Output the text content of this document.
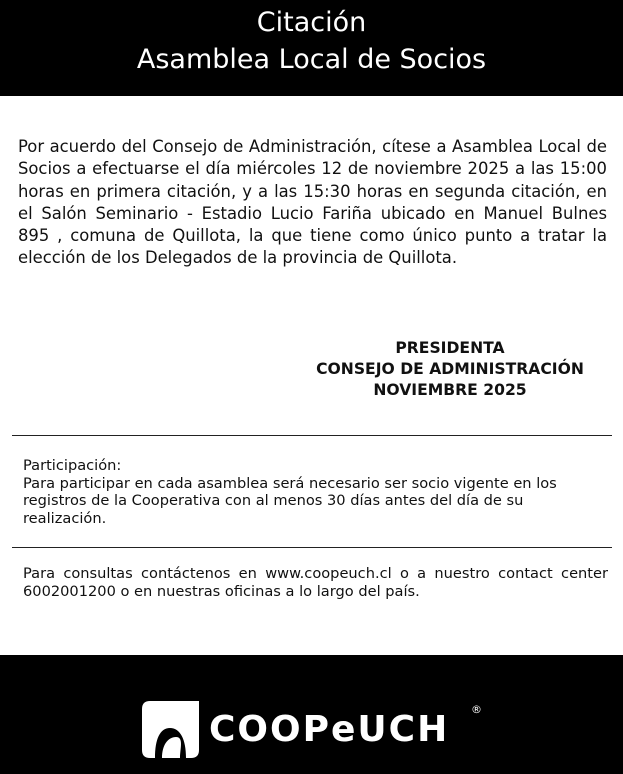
Citación
Asamblea Local de Socios
Por acuerdo del Consejo de Administración, cítese a Asamblea Local de Socios a efectuarse el día miércoles 12 de noviembre 2025 a las 15:00 horas en primera citación, y a las 15:30 horas en segunda citación, en el Salón Seminario - Estadio Lucio Fariña ubicado en Manuel Bulnes 895 , comuna de Quillota, la que tiene como único punto a tratar la elección de los Delegados de la provincia de Quillota.
PRESIDENTA
CONSEJO DE ADMINISTRACIÓN
NOVIEMBRE 2025
Participación:
Para participar en cada asamblea será necesario ser socio vigente en los registros de la Cooperativa con al menos 30 días antes del día de su realización.
Para consultas contáctenos en www.coopeuch.cl o a nuestro contact center 6002001200 o en nuestras oficinas a lo largo del país.
COOPeUCH ®
